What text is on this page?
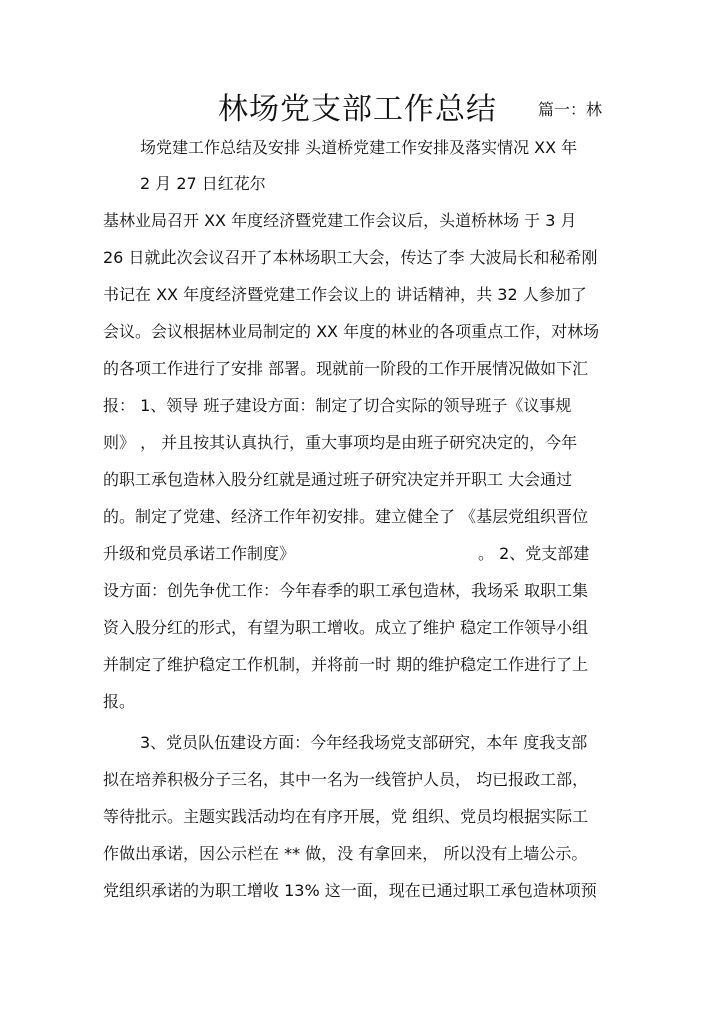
林场党支部工作总结	篇一：林
场党建工作总结及安排 头道桥党建工作安排及落实情况 XX 年
2 月 27 日红花尔
基林业局召开 XX 年度经济暨党建工作会议后，头道桥林场 于 3 月
26 日就此次会议召开了本林场职工大会，传达了李 大波局长和秘希刚
书记在 XX 年度经济暨党建工作会议上的 讲话精神，共 32 人参加了
会议。会议根据林业局制定的 XX 年度的林业的各项重点工作，对林场
的各项工作进行了安排 部署。现就前一阶段的工作开展情况做如下汇
报： 1、领导 班子建设方面：制定了切合实际的领导班子《议事规
则》 ， 并且按其认真执行，重大事项均是由班子研究决定的，今年
的职工承包造林入股分红就是通过班子研究决定并开职工 大会通过
的。制定了党建、经济工作年初安排。建立健全了 《基层党组织晋位
升级和党员承诺工作制度》	。 2、党支部建
设方面：创先争优工作：今年春季的职工承包造林，我场采 取职工集
资入股分红的形式，有望为职工增收。成立了维护 稳定工作领导小组
并制定了维护稳定工作机制，并将前一时 期的维护稳定工作进行了上
报。
3、党员队伍建设方面：今年经我场党支部研究，本年 度我支部
拟在培养积极分子三名，其中一名为一线管护人员， 均已报政工部，
等待批示。主题实践活动均在有序开展，党 组织、党员均根据实际工
作做出承诺，因公示栏在 ** 做，没 有拿回来， 所以没有上墙公示。
党组织承诺的为职工增收 13% 这一面，现在已通过职工承包造林项预
